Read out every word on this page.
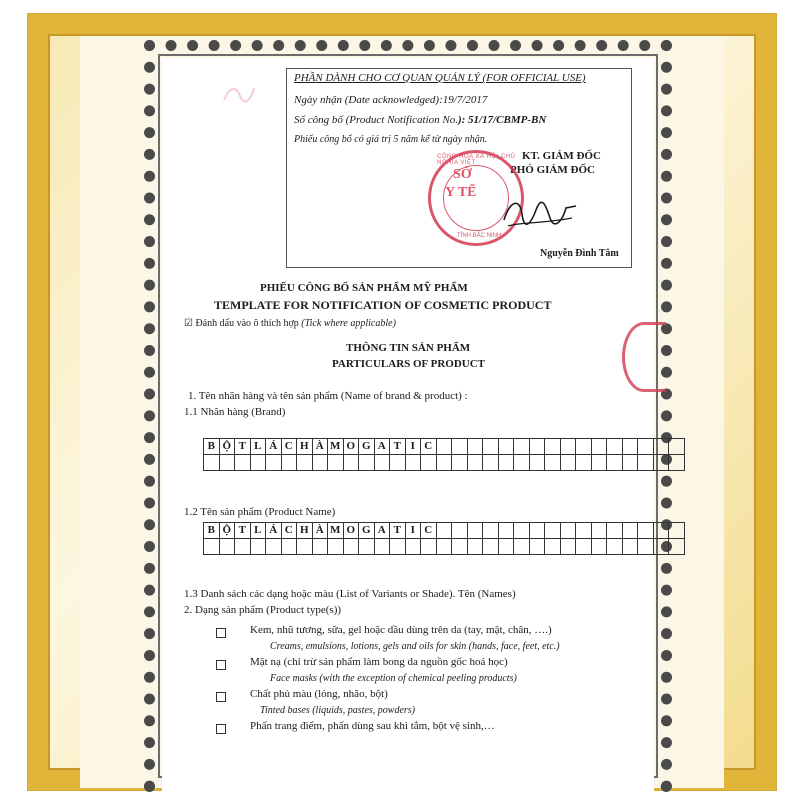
PHẦN DÀNH CHO CƠ QUAN QUẢN LÝ (FOR OFFICIAL USE)
Ngày nhận (Date acknowledged):19/7/2017
Số công bố (Product Notification No.): 51/17/CBMP-BN
Phiếu công bố có giá trị 5 năm kể từ ngày nhận.
KT. GIÁM ĐỐC
PHÓ GIÁM ĐỐC
Nguyễn Đình Tâm
CỘNG HÒA XÃ HỘI CHỦ NGHĨA VIỆT
SỞ
Y TẾ
TỈNH BẮC NINH
PHIẾU CÔNG BỐ SẢN PHẨM MỸ PHẨM
TEMPLATE FOR NOTIFICATION OF COSMETIC PRODUCT
☑ Đánh dấu vào ô thích hợp (Tick where applicable)
THÔNG TIN SẢN PHẨM
PARTICULARS OF PRODUCT
1. Tên nhãn hàng và tên sản phẩm (Name of brand & product) :
1.1 Nhãn hàng (Brand)
B Ộ T L Á C H À M O G A T I C
1.2 Tên sản phẩm (Product Name)
B Ộ T L Á C H À M O G A T I C
1.3 Danh sách các dạng hoặc màu (List of Variants or Shade). Tên (Names)
2. Dạng sản phẩm (Product type(s))
Kem, nhũ tương, sữa, gel hoặc dầu dùng trên da (tay, mặt, chân, ….)
Creams, emulsions, lotions, gels and oils for skin (hands, face, feet, etc.)
Mặt nạ (chỉ trừ sản phẩm làm bong da nguồn gốc hoá học)
Face masks (with the exception of chemical peeling products)
Chất phủ màu (lỏng, nhão, bột)
Tinted bases (liquids, pastes, powders)
Phấn trang điểm, phấn dùng sau khi tắm, bột vệ sinh,…
